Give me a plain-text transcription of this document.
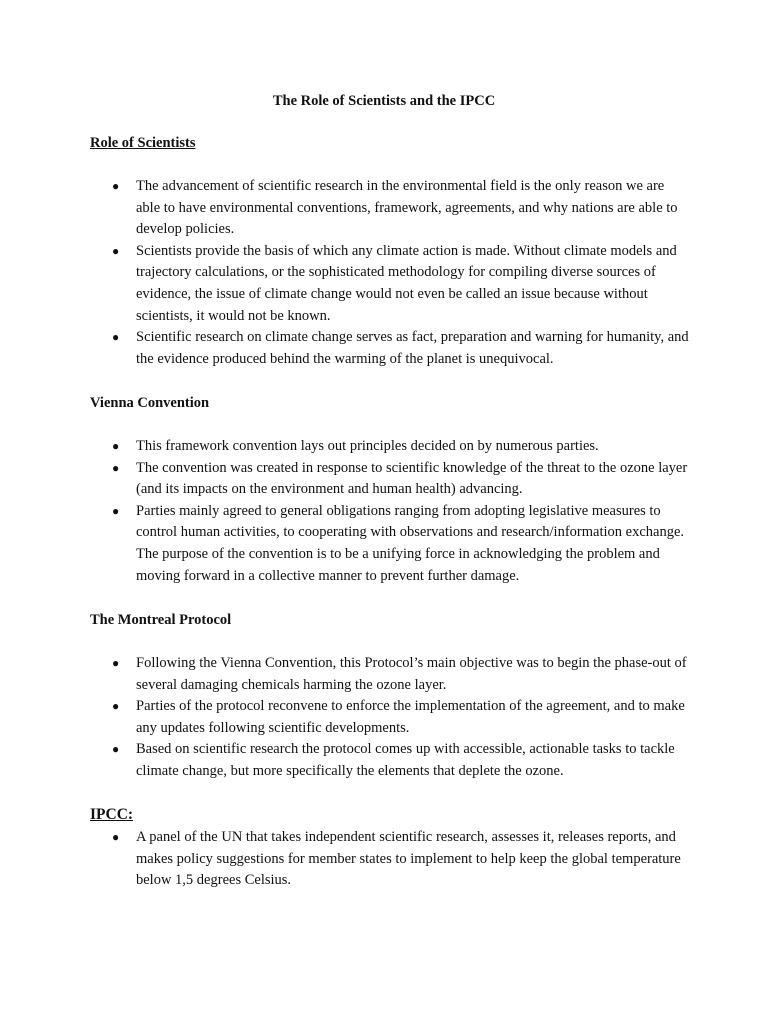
The Role of Scientists and the IPCC
Role of Scientists
● The advancement of scientific research in the environmental field is the only reason we are able to have environmental conventions, framework, agreements, and why nations are able to develop policies.
● Scientists provide the basis of which any climate action is made. Without climate models and trajectory calculations, or the sophisticated methodology for compiling diverse sources of evidence, the issue of climate change would not even be called an issue because without scientists, it would not be known.
● Scientific research on climate change serves as fact, preparation and warning for humanity, and the evidence produced behind the warming of the planet is unequivocal.
Vienna Convention
● This framework convention lays out principles decided on by numerous parties.
● The convention was created in response to scientific knowledge of the threat to the ozone layer (and its impacts on the environment and human health) advancing.
● Parties mainly agreed to general obligations ranging from adopting legislative measures to control human activities, to cooperating with observations and research/information exchange. The purpose of the convention is to be a unifying force in acknowledging the problem and moving forward in a collective manner to prevent further damage.
The Montreal Protocol
● Following the Vienna Convention, this Protocol’s main objective was to begin the phase-out of several damaging chemicals harming the ozone layer.
● Parties of the protocol reconvene to enforce the implementation of the agreement, and to make any updates following scientific developments.
● Based on scientific research the protocol comes up with accessible, actionable tasks to tackle climate change, but more specifically the elements that deplete the ozone.
IPCC:
● A panel of the UN that takes independent scientific research, assesses it, releases reports, and makes policy suggestions for member states to implement to help keep the global temperature below 1,5 degrees Celsius.
